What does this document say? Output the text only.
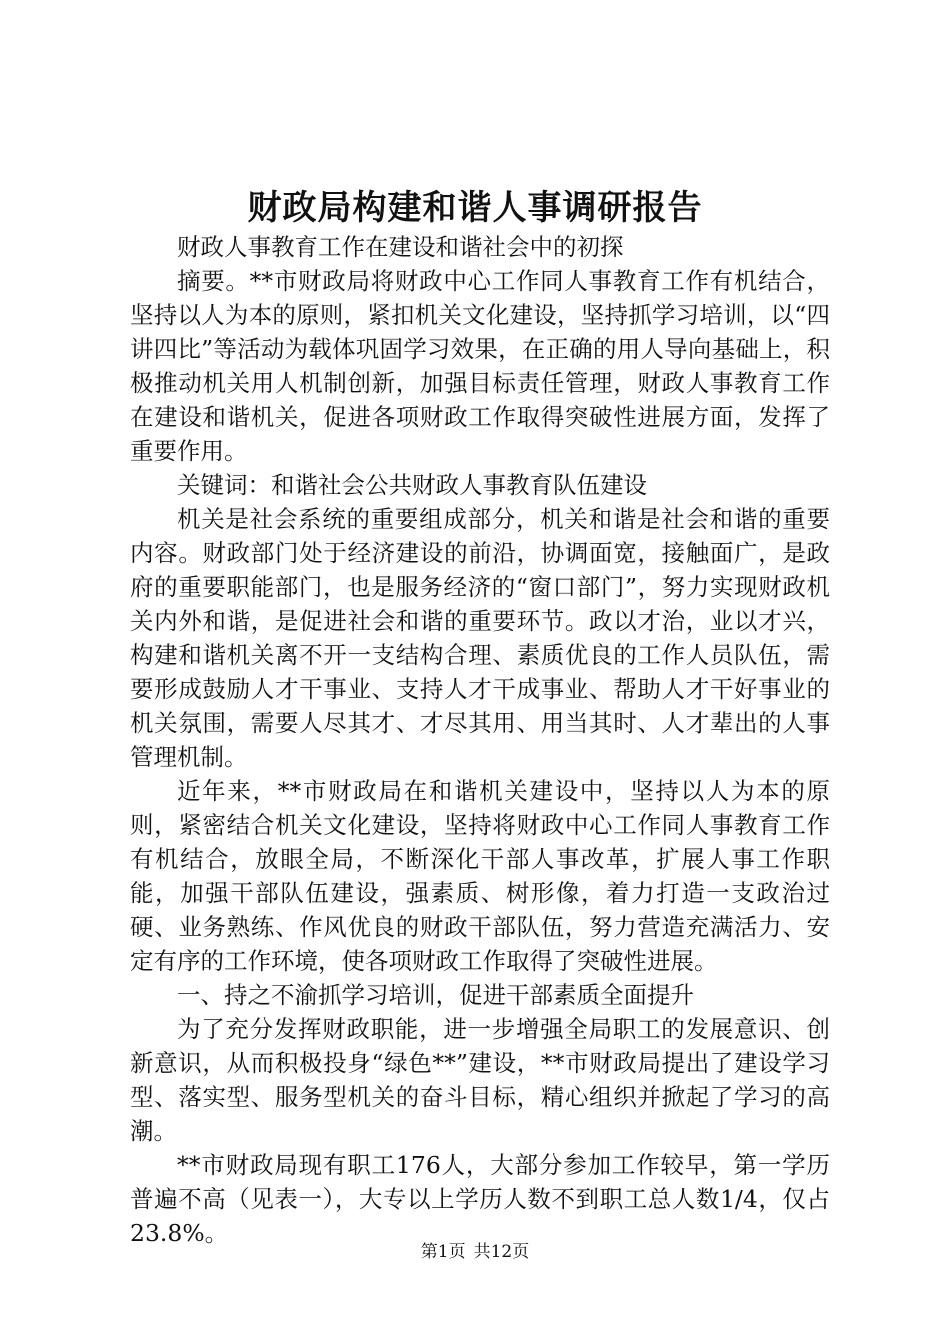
财政局构建和谐人事调研报告

财政人事教育工作在建设和谐社会中的初探

摘要。**市财政局将财政中心工作同人事教育工作有机结合，坚持以人为本的原则，紧扣机关文化建设，坚持抓学习培训，以“四讲四比”等活动为载体巩固学习效果，在正确的用人导向基础上，积极推动机关用人机制创新，加强目标责任管理，财政人事教育工作在建设和谐机关，促进各项财政工作取得突破性进展方面，发挥了重要作用。

关键词：和谐社会公共财政人事教育队伍建设

机关是社会系统的重要组成部分，机关和谐是社会和谐的重要内容。财政部门处于经济建设的前沿，协调面宽，接触面广，是政府的重要职能部门，也是服务经济的“窗口部门”，努力实现财政机关内外和谐，是促进社会和谐的重要环节。政以才治，业以才兴，构建和谐机关离不开一支结构合理、素质优良的工作人员队伍，需要形成鼓励人才干事业、支持人才干成事业、帮助人才干好事业的机关氛围，需要人尽其才、才尽其用、用当其时、人才辈出的人事管理机制。

近年来，**市财政局在和谐机关建设中，坚持以人为本的原则，紧密结合机关文化建设，坚持将财政中心工作同人事教育工作有机结合，放眼全局，不断深化干部人事改革，扩展人事工作职能，加强干部队伍建设，强素质、树形像，着力打造一支政治过硬、业务熟练、作风优良的财政干部队伍，努力营造充满活力、安定有序的工作环境，使各项财政工作取得了突破性进展。

一、持之不渝抓学习培训，促进干部素质全面提升

为了充分发挥财政职能，进一步增强全局职工的发展意识、创新意识，从而积极投身“绿色**”建设，**市财政局提出了建设学习型、落实型、服务型机关的奋斗目标，精心组织并掀起了学习的高潮。

**市财政局现有职工176人，大部分参加工作较早，第一学历普遍不高（见表一），大专以上学历人数不到职工总人数1/4，仅占23.8%。

第1页 共12页
